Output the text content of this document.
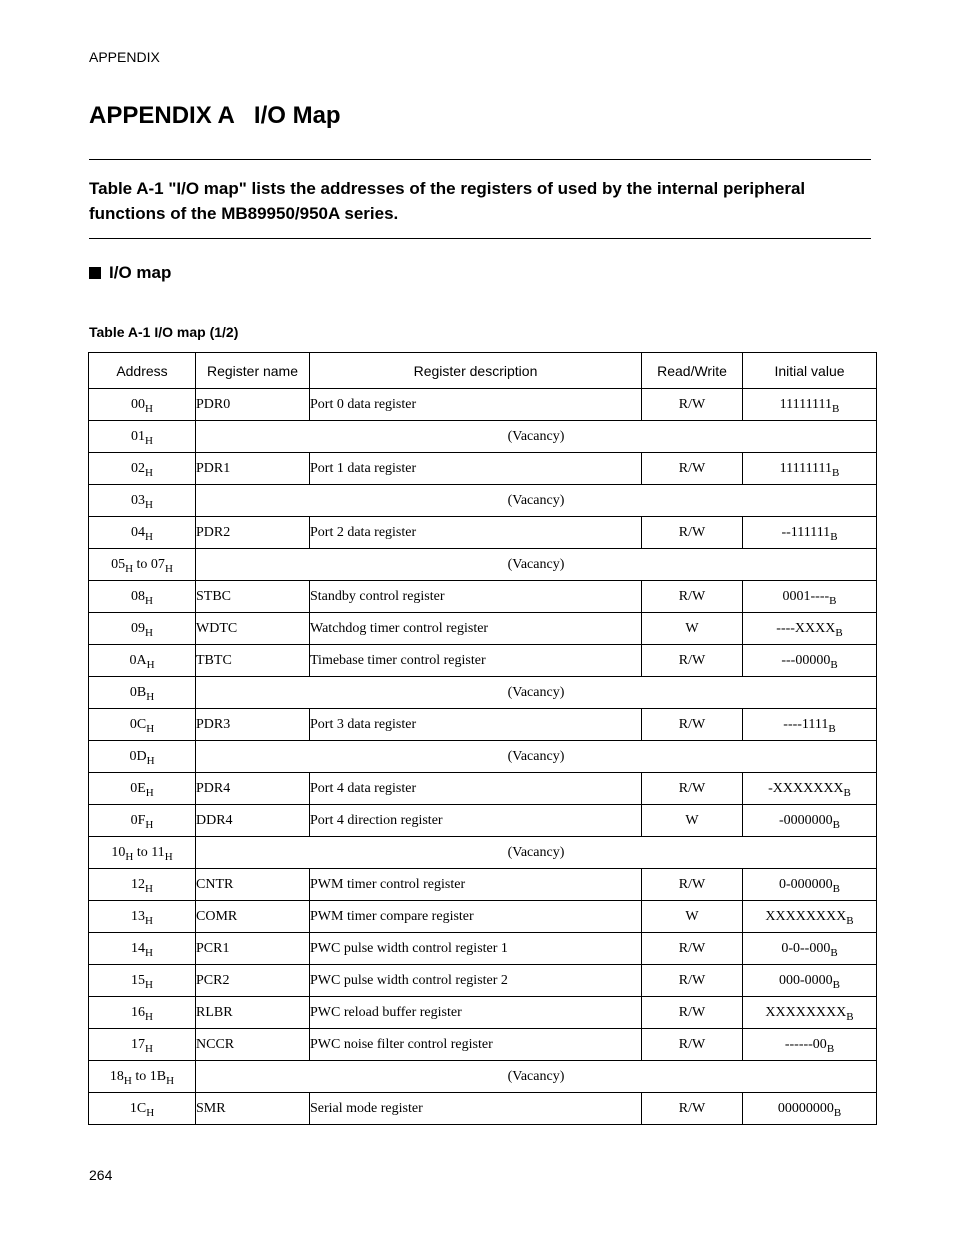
APPENDIX
APPENDIX A   I/O Map

Table A-1 "I/O map" lists the addresses of the registers of used by the internal peripheral functions of the MB89950/950A series.

I/O map
Table A-1 I/O map (1/2)
Address	Register name	Register description	Read/Write	Initial value
$00_H$	PDR0	Port 0 data register	R/W	$11111111_B$
$01_H$	(Vacancy)			
$02_H$	PDR1	Port 1 data register	R/W	$11111111_B$
$03_H$	(Vacancy)			
$04_H$	PDR2	Port 2 data register	R/W	$--111111_B$
$05_H$ to $07_H$	(Vacancy)			
$08_H$	STBC	Standby control register	R/W	$0001----_B$
$09_H$	WDTC	Watchdog timer control register	W	$----XXXX_B$
$0A_H$	TBTC	Timebase timer control register	R/W	$---00000_B$
$0B_H$	(Vacancy)			
$0C_H$	PDR3	Port 3 data register	R/W	$----1111_B$
$0D_H$	(Vacancy)			
$0E_H$	PDR4	Port 4 data register	R/W	$-XXXXXXX_B$
$0F_H$	DDR4	Port 4 direction register	W	$-0000000_B$
$10_H$ to $11_H$	(Vacancy)			
$12_H$	CNTR	PWM timer control register	R/W	$0-000000_B$
$13_H$	COMR	PWM timer compare register	W	$XXXXXXXX_B$
$14_H$	PCR1	PWC pulse width control register 1	R/W	$0-0--000_B$
$15_H$	PCR2	PWC pulse width control register 2	R/W	$000-0000_B$
$16_H$	RLBR	PWC reload buffer register	R/W	$XXXXXXXX_B$
$17_H$	NCCR	PWC noise filter control register	R/W	$------00_B$
$18_H$ to $1B_H$	(Vacancy)			
$1C_H$	SMR	Serial mode register	R/W	$00000000_B$
264
